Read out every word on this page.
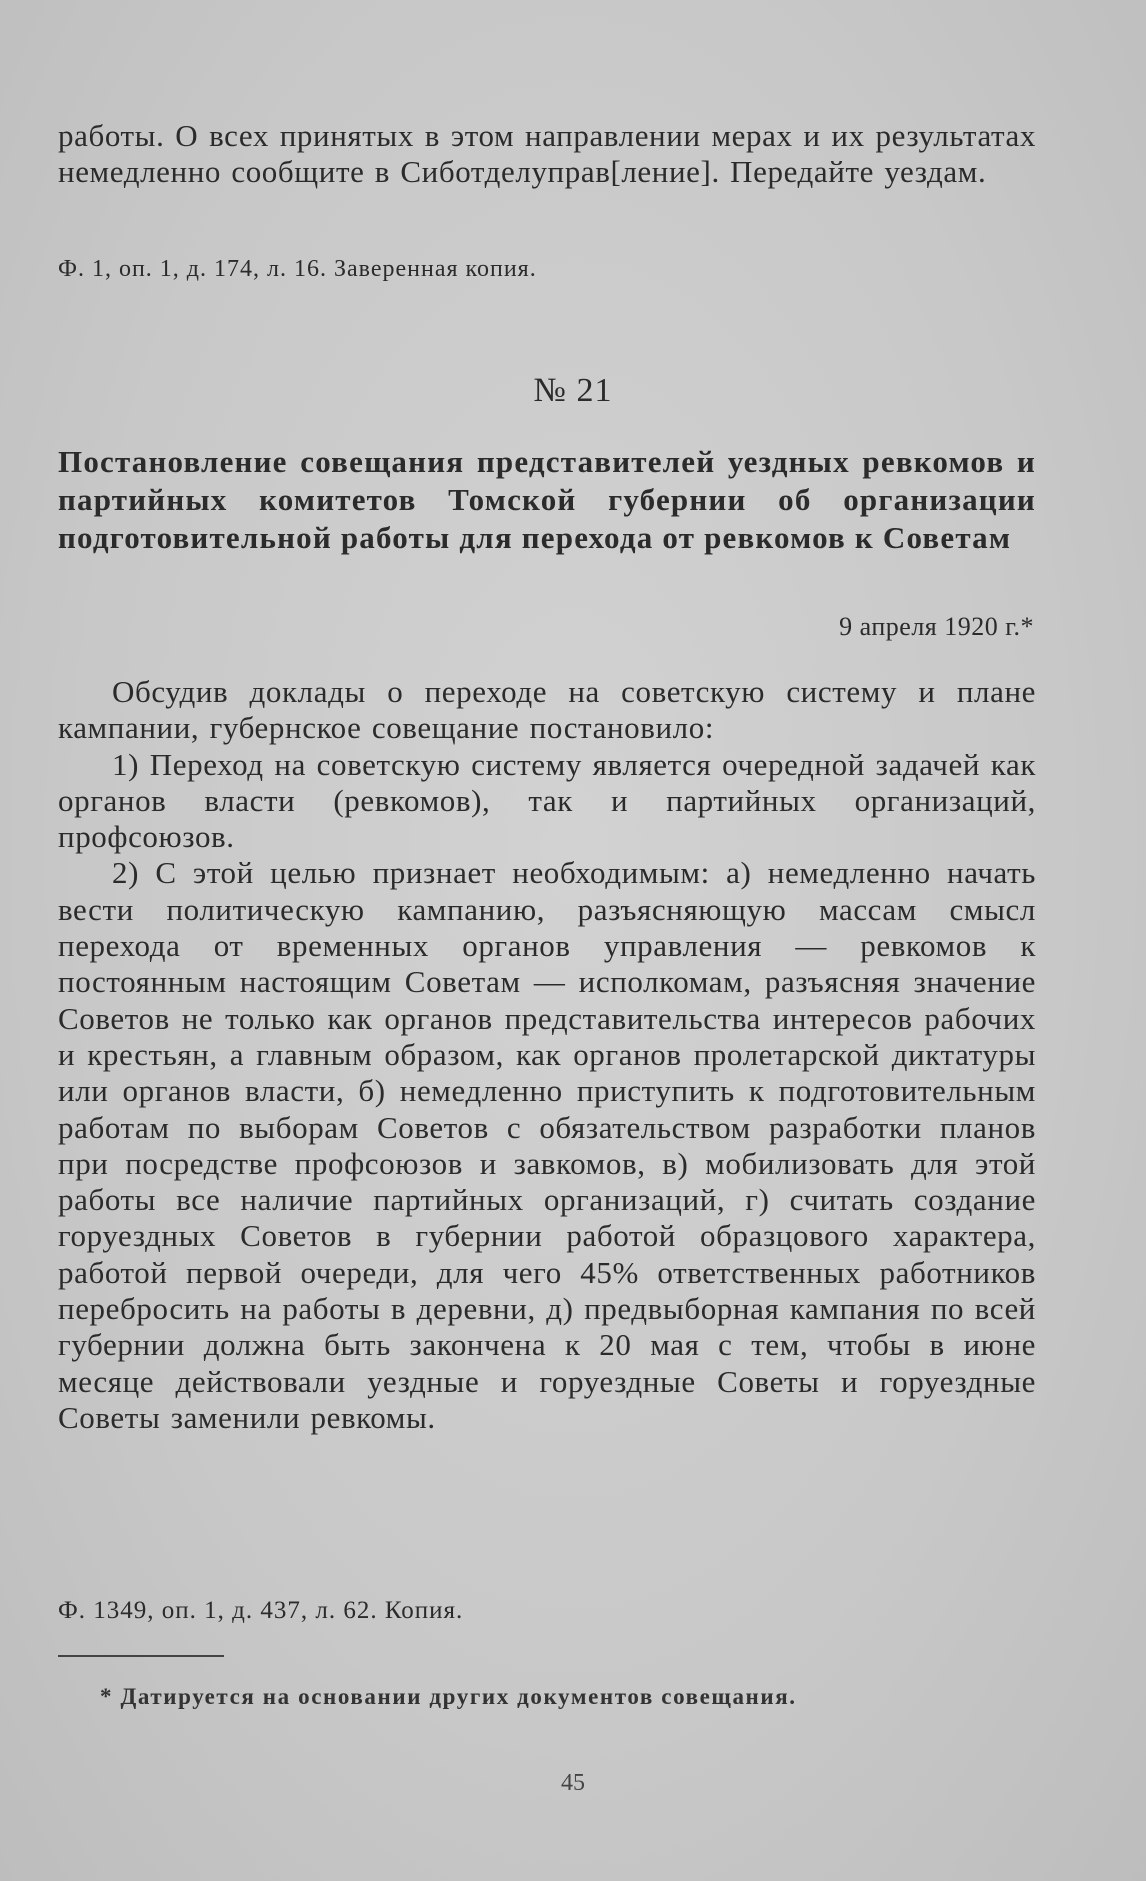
работы. О всех принятых в этом направлении мерах и их результатах немедленно сообщите в Сиботделуправ[ление]. Передайте уездам.

Ф. 1, оп. 1, д. 174, л. 16. Заверенная копия.

№ 21

Постановление совещания представителей уездных ревкомов и партийных комитетов Томской губернии об организации подготовительной работы для перехода от ревкомов к Советам

9 апреля 1920 г.*

Обсудив доклады о переходе на советскую систему и плане кампании, губернское совещание постановило:

1) Переход на советскую систему является очередной задачей как органов власти (ревкомов), так и партийных организаций, профсоюзов.

2) С этой целью признает необходимым: а) немедленно начать вести политическую кампанию, разъясняющую массам смысл перехода от временных органов управления — ревкомов к постоянным настоящим Советам — исполкомам, разъясняя значение Советов не только как органов представительства интересов рабочих и крестьян, а главным образом, как органов пролетарской диктатуры или органов власти, б) немедленно приступить к подготовительным работам по выборам Советов с обязательством разработки планов при посредстве профсоюзов и завкомов, в) мобилизовать для этой работы все наличие партийных организаций, г) считать создание горуездных Советов в губернии работой образцового характера, работой первой очереди, для чего 45% ответственных работников перебросить на работы в деревни, д) предвыборная кампания по всей губернии должна быть закончена к 20 мая с тем, чтобы в июне месяце действовали уездные и горуездные Советы и горуездные Советы заменили ревкомы.

Ф. 1349, оп. 1, д. 437, л. 62. Копия.

* Датируется на основании других документов совещания.
45
